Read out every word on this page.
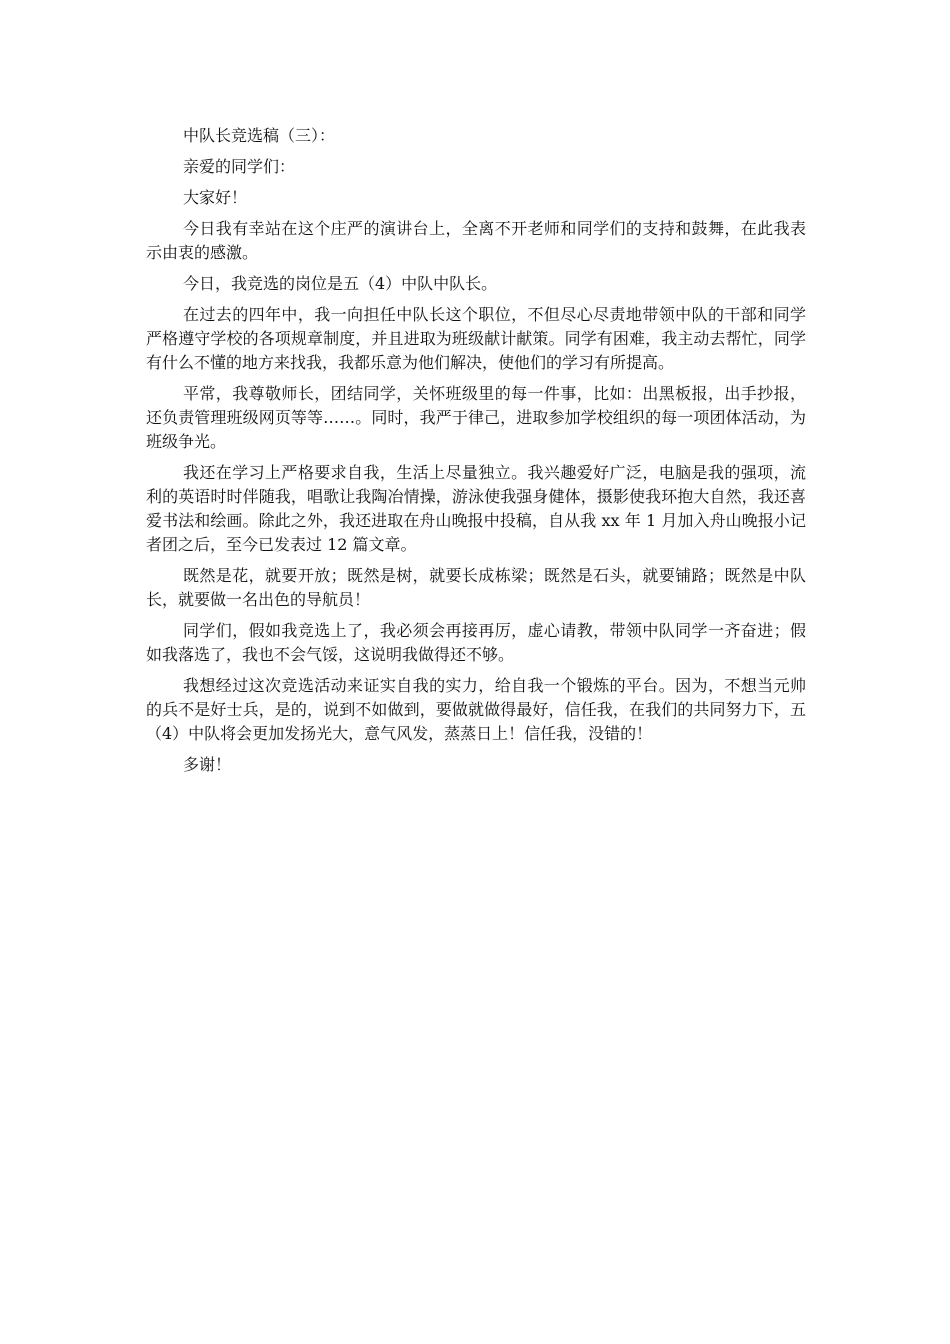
中队长竞选稿（三）：

亲爱的同学们：

大家好！

今日我有幸站在这个庄严的演讲台上，全离不开老师和同学们的支持和鼓舞，在此我表示由衷的感激。

今日，我竞选的岗位是五（4）中队中队长。

在过去的四年中，我一向担任中队长这个职位，不但尽心尽责地带领中队的干部和同学严格遵守学校的各项规章制度，并且进取为班级献计献策。同学有困难，我主动去帮忙，同学有什么不懂的地方来找我，我都乐意为他们解决，使他们的学习有所提高。

平常，我尊敬师长，团结同学，关怀班级里的每一件事，比如：出黑板报，出手抄报，还负责管理班级网页等等……。同时，我严于律己，进取参加学校组织的每一项团体活动，为班级争光。

我还在学习上严格要求自我，生活上尽量独立。我兴趣爱好广泛，电脑是我的强项，流利的英语时时伴随我，唱歌让我陶冶情操，游泳使我强身健体，摄影使我环抱大自然，我还喜爱书法和绘画。除此之外，我还进取在舟山晚报中投稿，自从我 xx 年 1 月加入舟山晚报小记者团之后，至今已发表过 12 篇文章。

既然是花，就要开放；既然是树，就要长成栋梁；既然是石头，就要铺路；既然是中队长，就要做一名出色的导航员！

同学们，假如我竞选上了，我必须会再接再厉，虚心请教，带领中队同学一齐奋进；假如我落选了，我也不会气馁，这说明我做得还不够。

我想经过这次竞选活动来证实自我的实力，给自我一个锻炼的平台。因为，不想当元帅的兵不是好士兵，是的，说到不如做到，要做就做得最好，信任我，在我们的共同努力下，五（4）中队将会更加发扬光大，意气风发，蒸蒸日上！信任我，没错的！

多谢！
